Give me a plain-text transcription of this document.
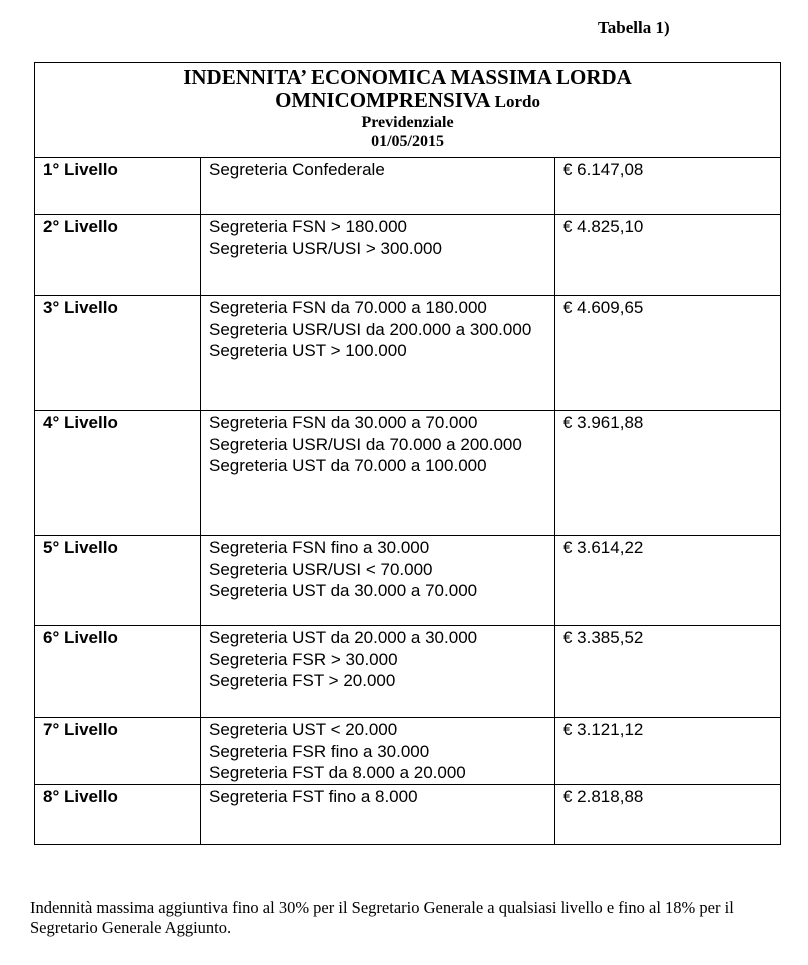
Tabella 1)
INDENNITA’ ECONOMICA MASSIMA LORDA
OMNICOMPRENSIVA Lordo
Previdenziale
01/05/2015		

1° Livello	Segreteria Confederale	€ 6.147,08
2° Livello	Segreteria FSN > 180.000
Segreteria USR/USI > 300.000	€ 4.825,10
3° Livello	Segreteria FSN da 70.000 a 180.000
Segreteria USR/USI da 200.000 a 300.000
Segreteria UST > 100.000	€ 4.609,65
4° Livello	Segreteria FSN da 30.000 a 70.000
Segreteria USR/USI da 70.000 a 200.000
Segreteria UST da 70.000 a 100.000	€ 3.961,88
5° Livello	Segreteria FSN fino a 30.000
Segreteria USR/USI < 70.000
Segreteria UST da 30.000 a 70.000	€ 3.614,22
6° Livello	Segreteria UST da 20.000 a 30.000
Segreteria FSR > 30.000
Segreteria FST > 20.000	€ 3.385,52
7° Livello	Segreteria UST < 20.000
Segreteria FSR fino a 30.000
Segreteria FST da 8.000 a 20.000	€ 3.121,12
8° Livello	Segreteria FST fino a 8.000	€ 2.818,88
Indennità massima aggiuntiva fino al 30% per il Segretario Generale a qualsiasi livello e fino al 18% per il Segretario Generale Aggiunto.
